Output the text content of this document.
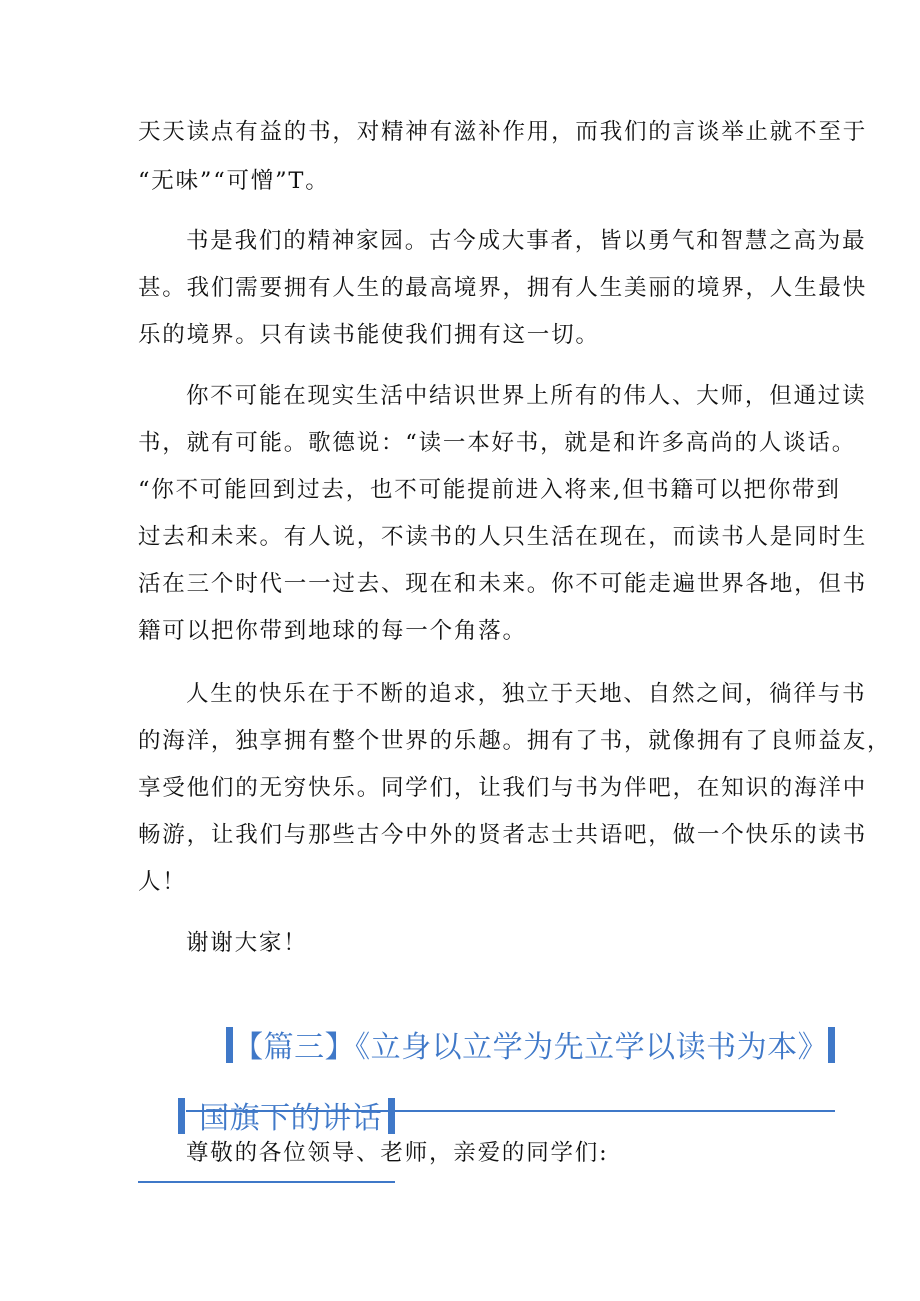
天天读点有益的书，对精神有滋补作用，而我们的言谈举止就不至于
“无味”“可憎”T。
书是我们的精神家园。古今成大事者，皆以勇气和智慧之高为最
甚。我们需要拥有人生的最高境界，拥有人生美丽的境界，人生最快
乐的境界。只有读书能使我们拥有这一切。
你不可能在现实生活中结识世界上所有的伟人、大师，但通过读
书，就有可能。歌德说：“读一本好书，就是和许多高尚的人谈话。
“你不可能回到过去，也不可能提前进入将来,但书籍可以把你带到
过去和未来。有人说，不读书的人只生活在现在，而读书人是同时生
活在三个时代一一过去、现在和未来。你不可能走遍世界各地，但书
籍可以把你带到地球的每一个角落。
人生的快乐在于不断的追求，独立于天地、自然之间，徜徉与书
的海洋，独享拥有整个世界的乐趣。拥有了书，就像拥有了良师益友，
享受他们的无穷快乐。同学们，让我们与书为伴吧，在知识的海洋中
畅游，让我们与那些古今中外的贤者志士共语吧，做一个快乐的读书
人！
谢谢大家！

【篇三】《立身以立学为先立学以读书为本》

国旗下的讲话

尊敬的各位领导、老师，亲爱的同学们:
